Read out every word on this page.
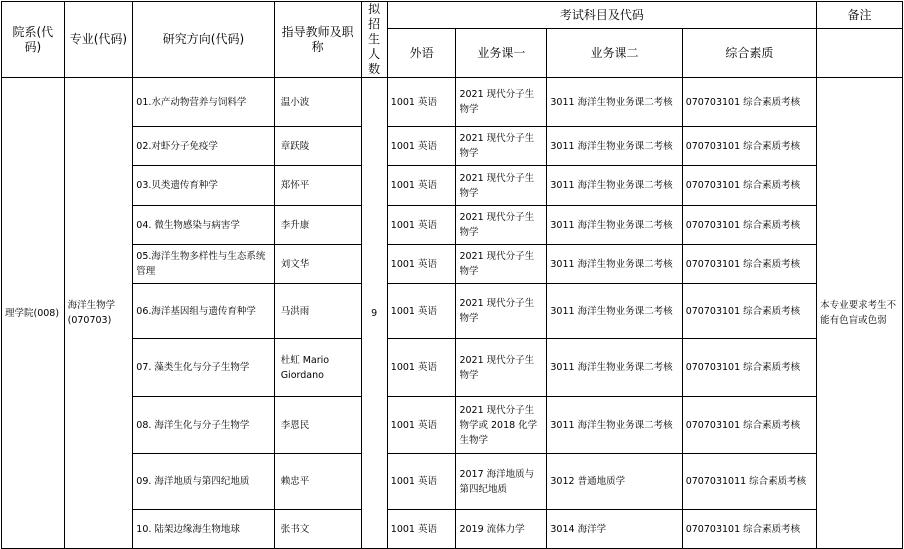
院系(代码)	专业(代码)	研究方向(代码)	指导教师及职称	拟招生人数	考试科目及代码				备注
					外语	业务课一	业务课二	综合素质	
理学院(008)	海洋生物学(070703)	01.水产动物营养与饲料学	温小波	9	1001 英语	2021 现代分子生物学	3011 海洋生物业务课二考核	070703101 综合素质考核	本专业要求考生不能有色盲或色弱
		02.对虾分子免疫学	章跃陵		1001 英语	2021 现代分子生物学	3011 海洋生物业务课二考核	070703101 综合素质考核	
		03.贝类遗传育种学	郑怀平		1001 英语	2021 现代分子生物学	3011 海洋生物业务课二考核	070703101 综合素质考核	
		04. 微生物感染与病害学	李升康		1001 英语	2021 现代分子生物学	3011 海洋生物业务课二考核	070703101 综合素质考核	
		05.海洋生物多样性与生态系统管理	刘文华		1001 英语	2021 现代分子生物学	3011 海洋生物业务课二考核	070703101 综合素质考核	
		06.海洋基因组与遗传育种学	马洪雨		1001 英语	2021 现代分子生物学	3011 海洋生物业务课二考核	070703101 综合素质考核	
		07. 藻类生化与分子生物学	杜虹 Mario Giordano		1001 英语	2021 现代分子生物学	3011 海洋生物业务课二考核	070703101 综合素质考核	
		08. 海洋生化与分子生物学	李恩民		1001 英语	2021 现代分子生物学或 2018 化学生物学	3011 海洋生物业务课二考核	070703101 综合素质考核	
		09. 海洋地质与第四纪地质	赖忠平		1001 英语	2017 海洋地质与第四纪地质	3012 普通地质学	0707031011 综合素质考核	
		10. 陆架边缘海生物地球	张书文		1001 英语	2019 流体力学	3014 海洋学	070703101 综合素质考核	
